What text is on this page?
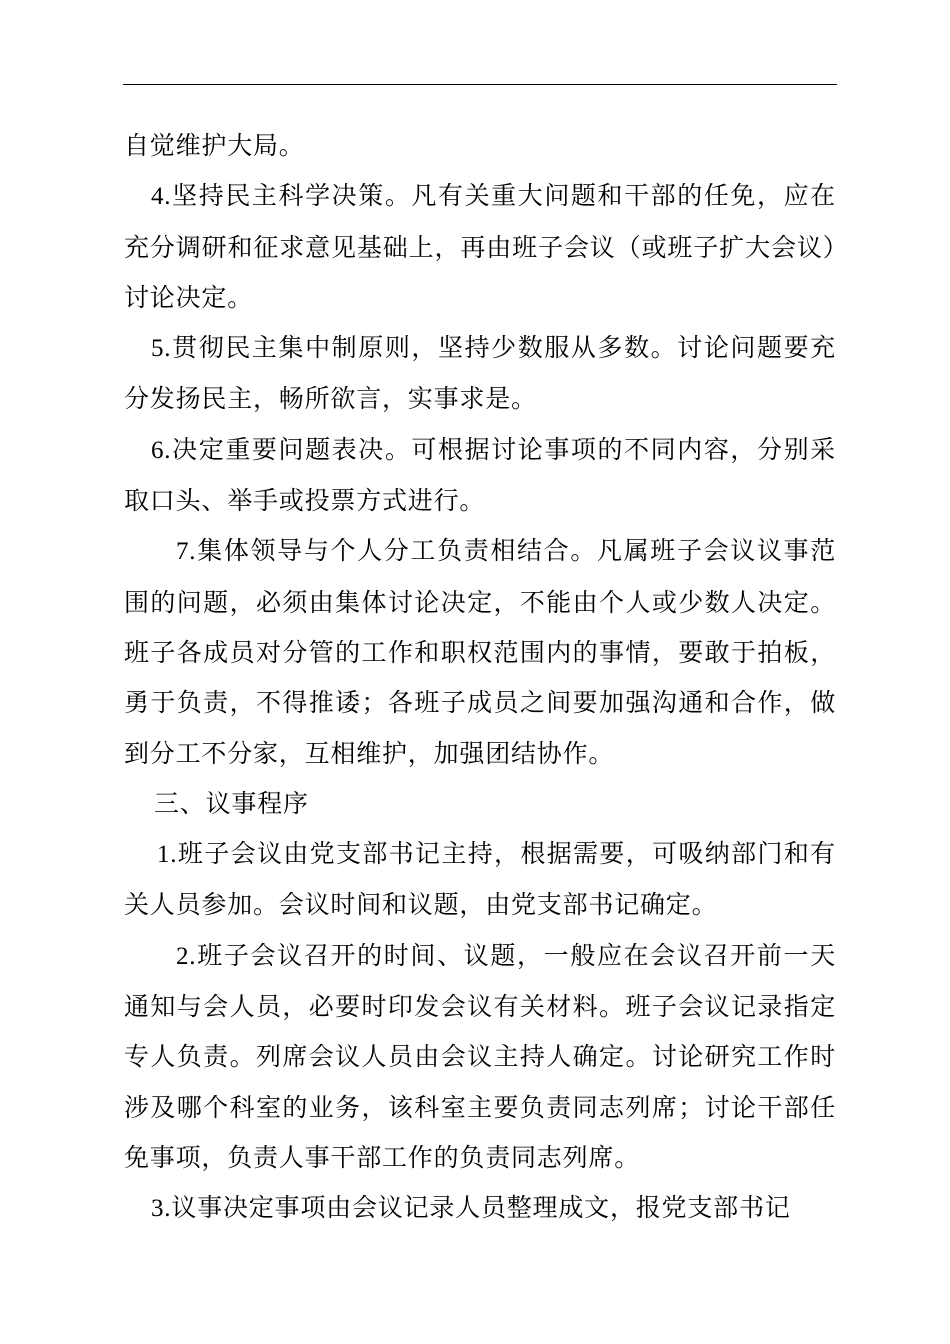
自觉维护大局。

4.坚持民主科学决策。凡有关重大问题和干部的任免，应在充分调研和征求意见基础上，再由班子会议（或班子扩大会议）讨论决定。

5.贯彻民主集中制原则，坚持少数服从多数。讨论问题要充分发扬民主，畅所欲言，实事求是。

6.决定重要问题表决。可根据讨论事项的不同内容，分别采取口头、举手或投票方式进行。

7.集体领导与个人分工负责相结合。凡属班子会议议事范围的问题，必须由集体讨论决定，不能由个人或少数人决定。班子各成员对分管的工作和职权范围内的事情，要敢于拍板，勇于负责，不得推诿；各班子成员之间要加强沟通和合作，做到分工不分家，互相维护，加强团结协作。

三、议事程序

1.班子会议由党支部书记主持，根据需要，可吸纳部门和有关人员参加。会议时间和议题，由党支部书记确定。

2.班子会议召开的时间、议题，一般应在会议召开前一天通知与会人员，必要时印发会议有关材料。班子会议记录指定专人负责。列席会议人员由会议主持人确定。讨论研究工作时涉及哪个科室的业务，该科室主要负责同志列席；讨论干部任免事项，负责人事干部工作的负责同志列席。

3.议事决定事项由会议记录人员整理成文，报党支部书记
